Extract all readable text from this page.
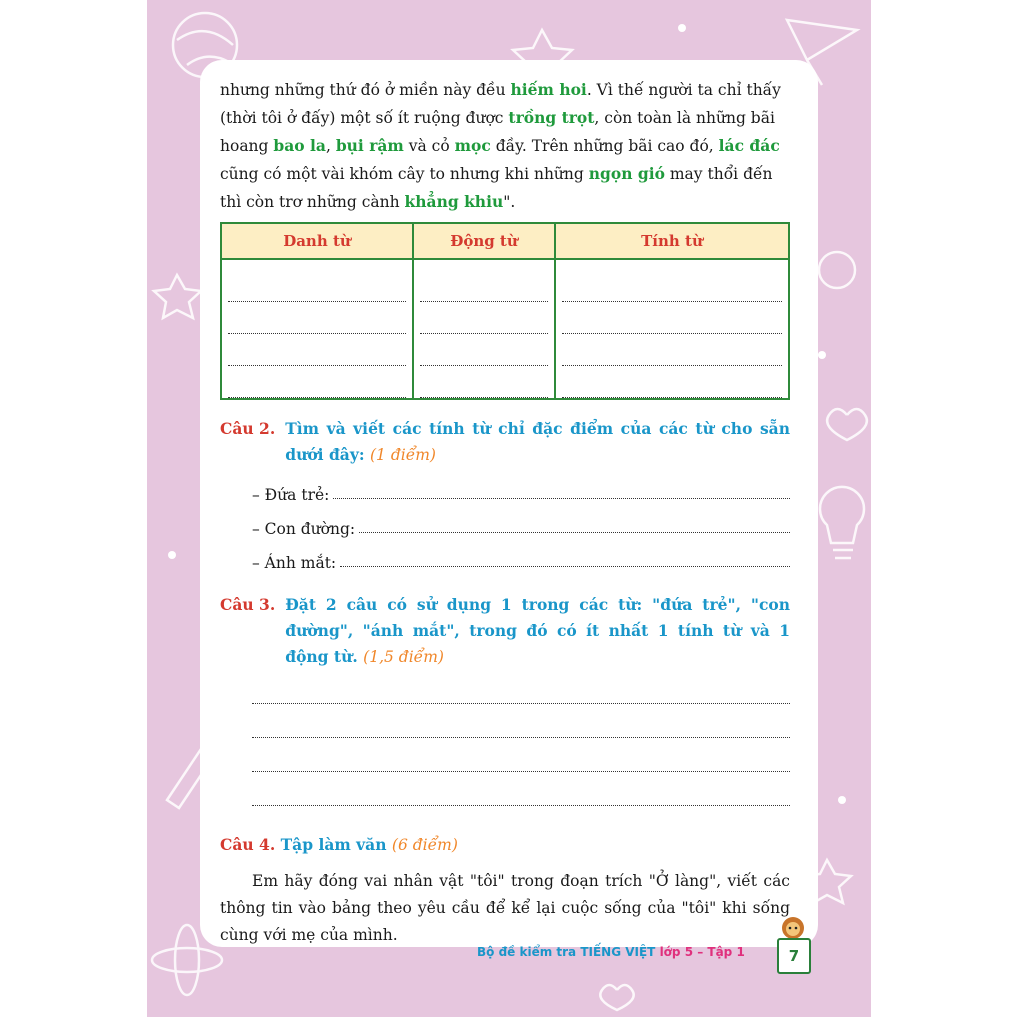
nhưng những thứ đó ở miền này đều hiếm hoi. Vì thế người ta chỉ thấy (thời tôi ở đấy) một số ít ruộng được trồng trọt, còn toàn là những bãi hoang bao la, bụi rậm và cỏ mọc đầy. Trên những bãi cao đó, lác đác cũng có một vài khóm cây to nhưng khi những ngọn gió may thổi đến thì còn trơ những cành khẳng khiu".

Danh từ	Động từ	Tính từ

Câu 2. Tìm và viết các tính từ chỉ đặc điểm của các từ cho sẵn dưới đây: (1 điểm)
– Đứa trẻ:
– Con đường:
– Ánh mắt:
Câu 3. Đặt 2 câu có sử dụng 1 trong các từ: "đứa trẻ", "con đường", "ánh mắt", trong đó có ít nhất 1 tính từ và 1 động từ. (1,5 điểm)
Câu 4. Tập làm văn (6 điểm)

Em hãy đóng vai nhân vật "tôi" trong đoạn trích "Ở làng", viết các thông tin vào bảng theo yêu cầu để kể lại cuộc sống của "tôi" khi sống cùng với mẹ của mình.

Bộ đề kiểm tra TIẾNG VIỆT lớp 5 – Tập 1	7
